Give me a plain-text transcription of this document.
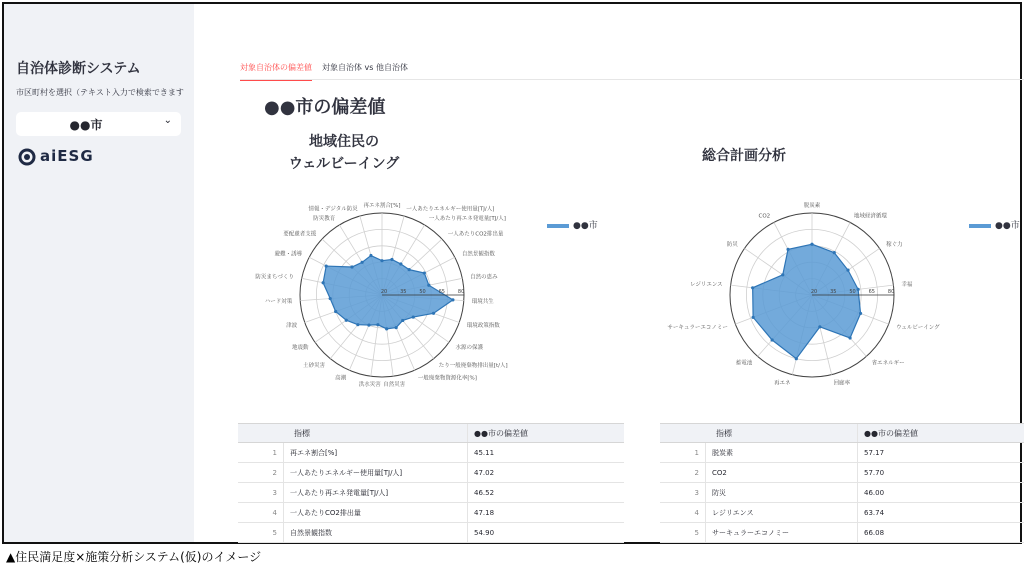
自治体診断システム
市区町村を選択（テキスト入力で検索できます
●●市	⌄
aiESG
対象自治体の偏差値 対象自治体 vs 他自治体
●●市の偏差値
地域住民の
ウェルビーイング	総合計画分析
20	35	50	65	80
再エネ割合[%]
一人あたりエネルギー使用量[TJ/人]
一人あたり再エネ発電量[TJ/人]
一人あたりCO2排出量
自然景観指数
自然の恵み
環境共生
環境政策指数
水源の保護
たり一般廃棄物排出量[t/人]
一般廃棄物資源化率[%]
自然災害
洪水災害
高潮
土砂災害
地震動
津波
ハード対策
防災まちづくり
避難・誘導
要配慮者支援
防災教育
情報・デジタル防災
20	35	50	65	80
脱炭素
地域経済循環
稼ぐ力
幸福
ウェルビーイング
省エネルギー
回廊率
再エネ
蓄電池
サーキュラーエコノミー
レジリエンス
防災
CO2
●●市	●●市
指標	●●市の偏差値
1	再エネ割合[%]	45.11
2	一人あたりエネルギー使用量[TJ/人]	47.02
3	一人あたり再エネ発電量[TJ/人]	46.52
4	一人あたりCO2排出量	47.18
5	自然景観指数	54.90
指標	●●市の偏差値
1	脱炭素	57.17
2	CO2	57.70
3	防災	46.00
4	レジリエンス	63.74
5	サーキュラーエコノミー	66.08
▲住民満足度×施策分析システム(仮)のイメージ
